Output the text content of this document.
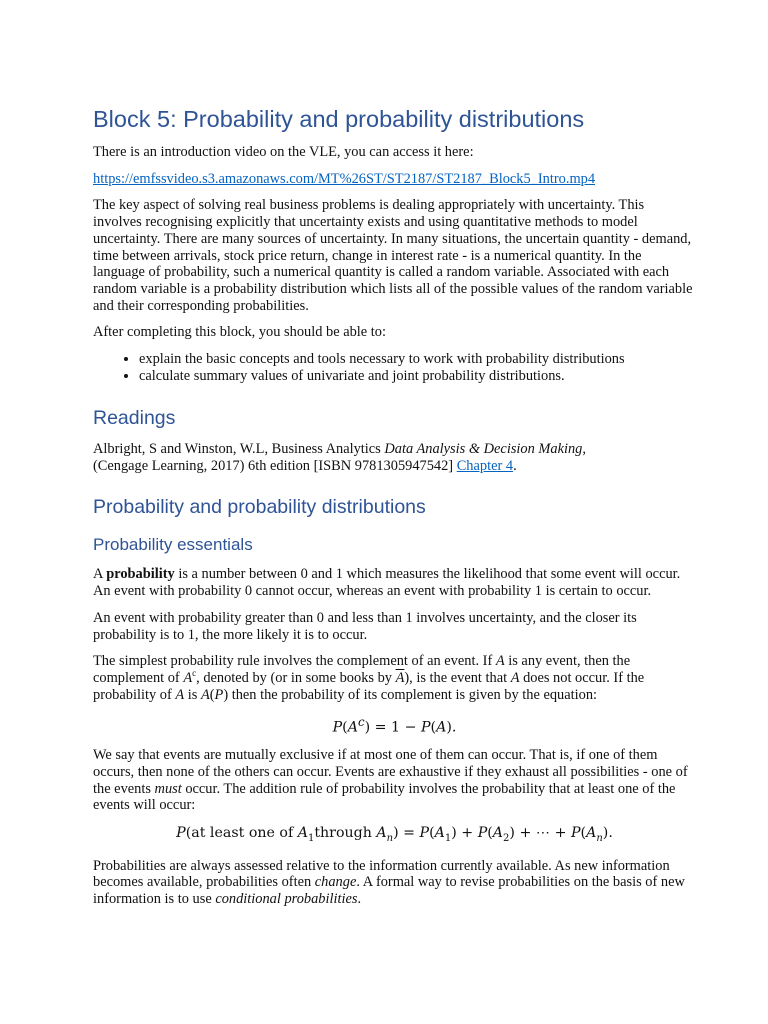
Block 5: Probability and probability distributions

There is an introduction video on the VLE, you can access it here:

https://emfssvideo.s3.amazonaws.com/MT%26ST/ST2187/ST2187_Block5_Intro.mp4

The key aspect of solving real business problems is dealing appropriately with uncertainty. This involves recognising explicitly that uncertainty exists and using quantitative methods to model uncertainty. There are many sources of uncertainty. In many situations, the uncertain quantity - demand, time between arrivals, stock price return, change in interest rate - is a numerical quantity. In the language of probability, such a numerical quantity is called a random variable. Associated with each random variable is a probability distribution which lists all of the possible values of the random variable and their corresponding probabilities.

After completing this block, you should be able to:

• explain the basic concepts and tools necessary to work with probability distributions
• calculate summary values of univariate and joint probability distributions.
Readings

Albright, S and Winston, W.L, Business Analytics Data Analysis & Decision Making,
(Cengage Learning, 2017) 6th edition [ISBN 9781305947542] Chapter 4.

Probability and probability distributions
Probability essentials

A probability is a number between 0 and 1 which measures the likelihood that some event will occur. An event with probability 0 cannot occur, whereas an event with probability 1 is certain to occur.

An event with probability greater than 0 and less than 1 involves uncertainty, and the closer its probability is to 1, the more likely it is to occur.

The simplest probability rule involves the complement of an event. If A is any event, then the complement of $A^c$, denoted by (or in some books by $\overline{A}$), is the event that A does not occur. If the probability of A is A(P) then the probability of its complement is given by the equation:

$P(A^c) = 1 - P(A)$.

We say that events are mutually exclusive if at most one of them can occur. That is, if one of them occurs, then none of the others can occur. Events are exhaustive if they exhaust all possibilities - one of the events must occur. The addition rule of probability involves the probability that at least one of the events will occur:

P(at least one of $A_1through$ $A_n) = P(A_1) + P(A_2)$ + ⋯ + $P(A_n)$.

Probabilities are always assessed relative to the information currently available. As new information becomes available, probabilities often change. A formal way to revise probabilities on the basis of new information is to use conditional probabilities.
